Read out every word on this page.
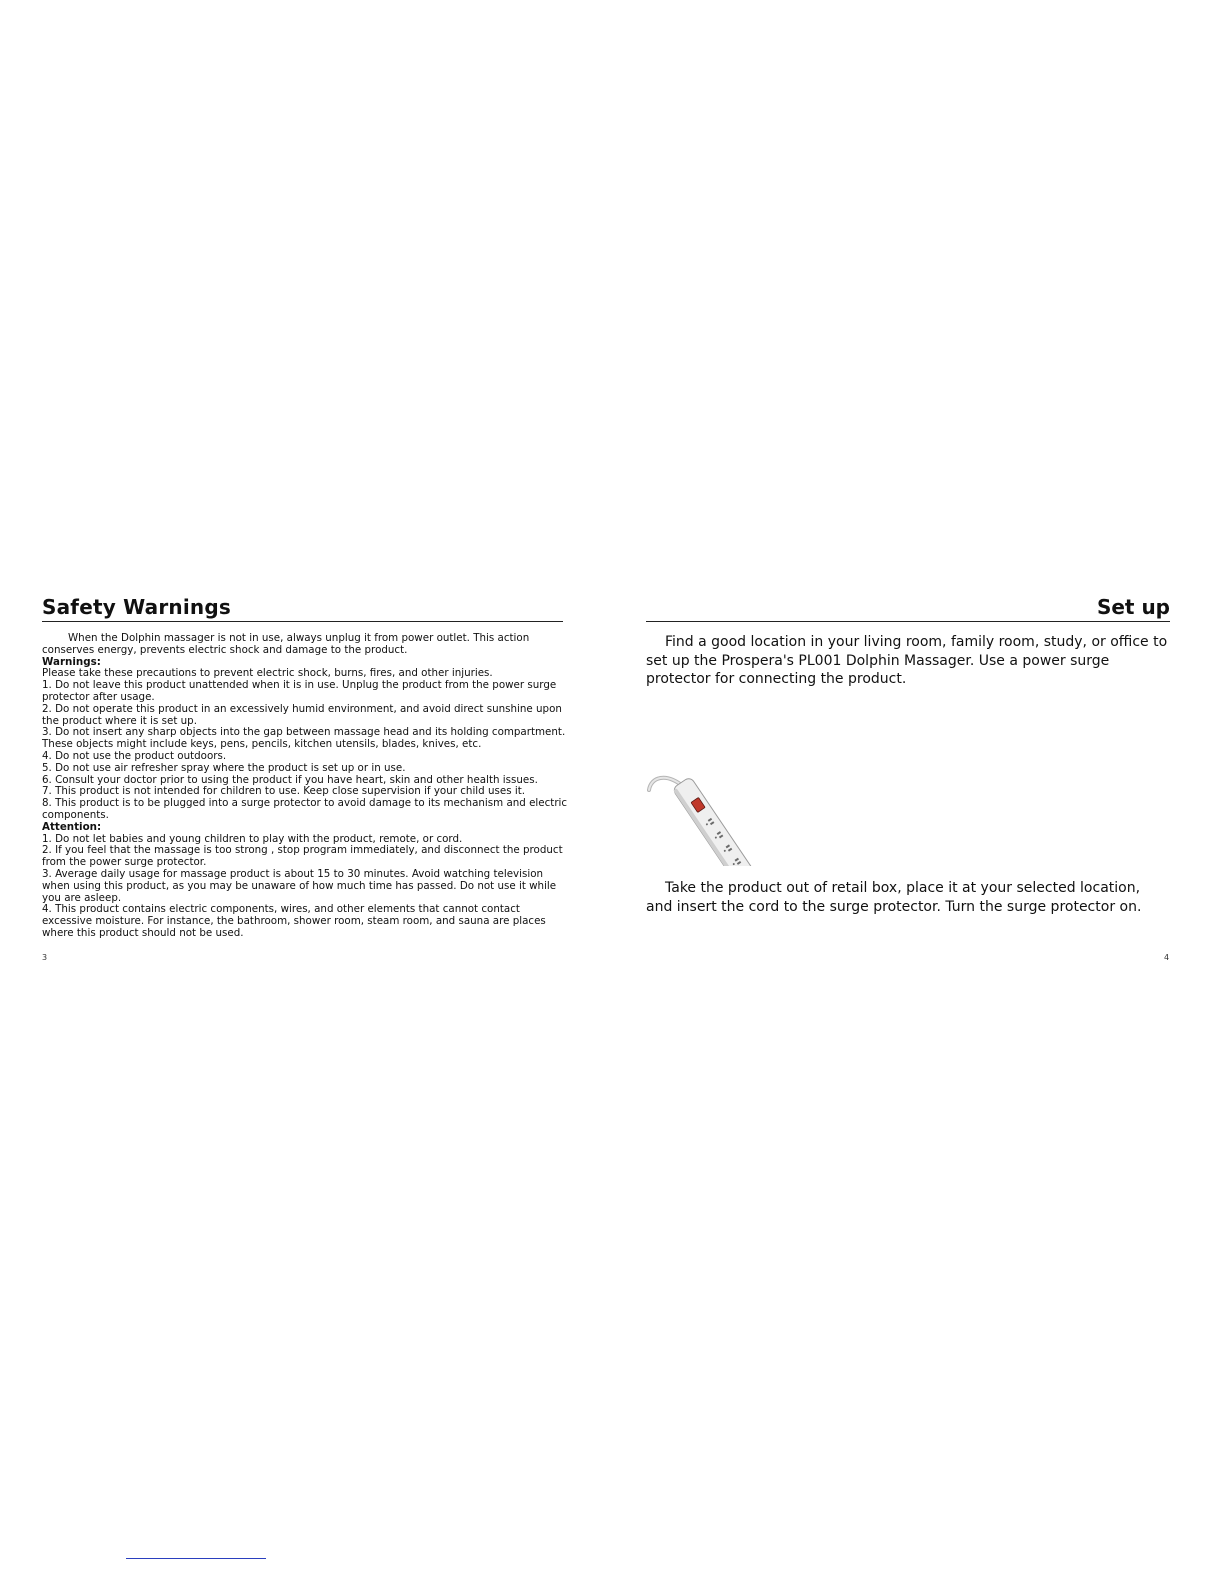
Safety Warnings

When the Dolphin massager is not in use, always unplug it from power outlet. This action conserves energy, prevents electric shock and damage to the product.

Warnings:

Please take these precautions to prevent electric shock, burns, fires, and other injuries.

1. Do not leave this product unattended when it is in use. Unplug the product from the power surge protector after usage.

2. Do not operate this product in an excessively humid environment, and avoid direct sunshine upon the product where it is set up.

3. Do not insert any sharp objects into the gap between massage head and its holding compartment. These objects might include keys, pens, pencils, kitchen utensils, blades, knives, etc.

4. Do not use the product outdoors.

5. Do not use air refresher spray where the product is set up or in use.

6. Consult your doctor prior to using the product if you have heart, skin and other health issues.

7. This product is not intended for children to use. Keep close supervision if your child uses it.

8. This product is to be plugged into a surge protector to avoid damage to its mechanism and electric components.

Attention:

1. Do not let babies and young children to play with the product, remote, or cord.

2. If you feel that the massage is too strong , stop program immediately, and disconnect the product from the power surge protector.

3. Average daily usage for massage product is about 15 to 30 minutes. Avoid watching television when using this product, as you may be unaware of how much time has passed. Do not use it while you are asleep.

4. This product contains electric components, wires, and other elements that cannot contact excessive moisture. For instance, the bathroom, shower room, steam room, and sauna are places where this product should not be used.

3
Set up

Find a good location in your living room, family room, study, or office to set up the Prospera's PL001 Dolphin Massager. Use a power surge protector for connecting the product.

Take the product out of retail box, place it at your selected location, and insert the cord to the surge protector. Turn the surge protector on.

4
